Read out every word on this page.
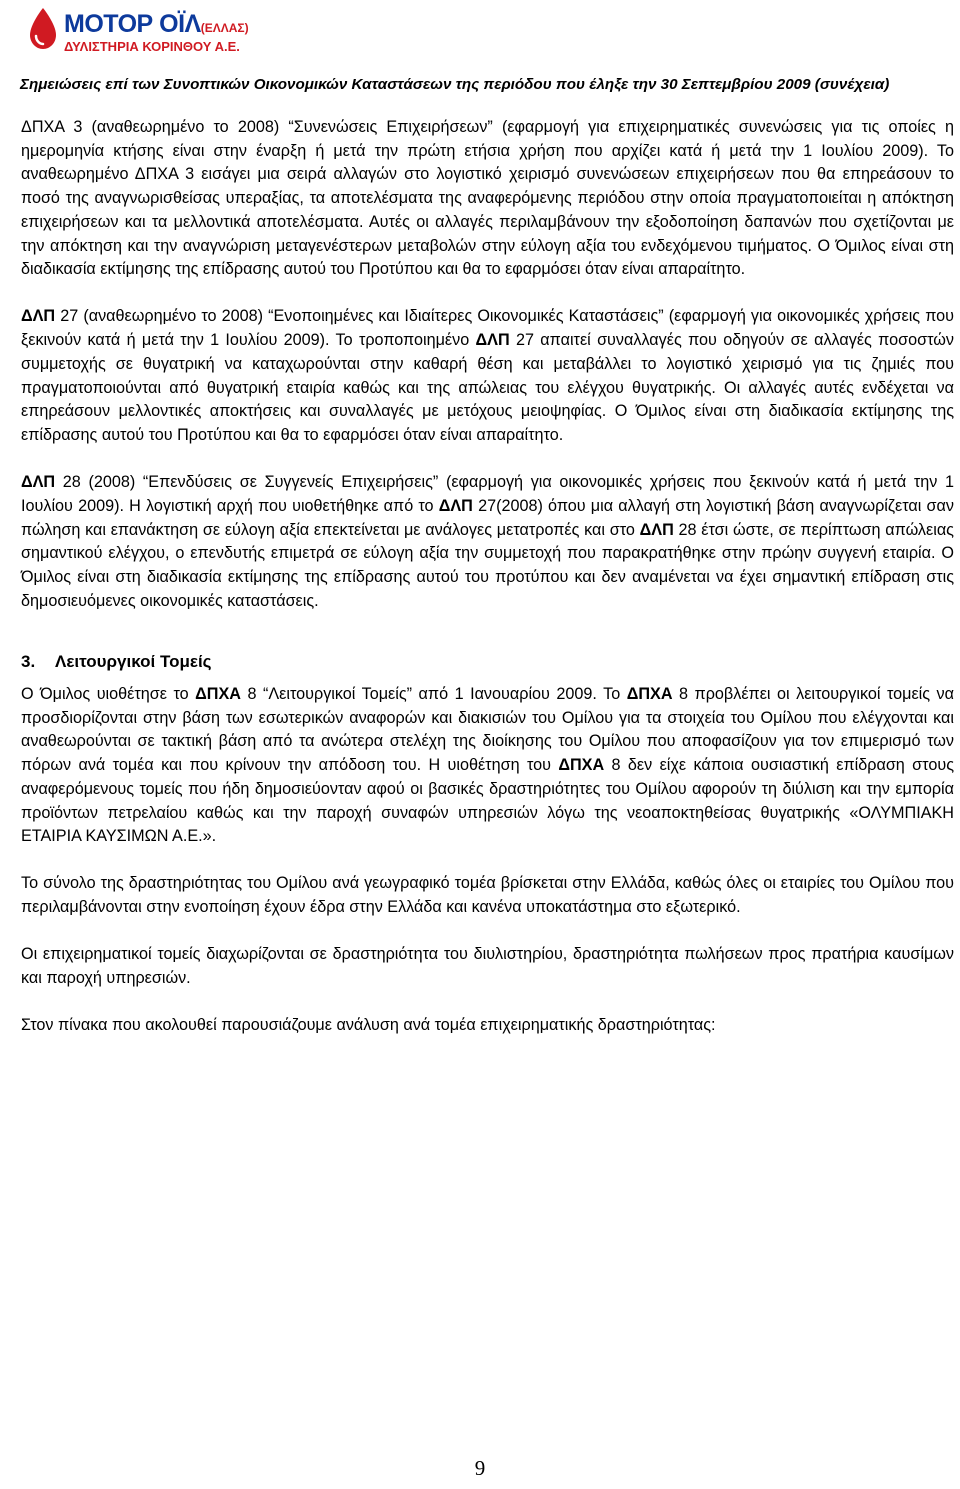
ΜΟΤΟΡ ΟΪΛ(ΕΛΛΑΣ)
ΔΥΛΙΣΤΗΡΙΑ ΚΟΡΙΝΘΟΥ Α.Ε.
Σημειώσεις επί των Συνοπτικών Οικονομικών Καταστάσεων της περιόδου που έληξε την 30 Σεπτεμβρίου 2009 (συνέχεια)

ΔΠΧΑ 3 (αναθεωρημένο το 2008) “Συνενώσεις Επιχειρήσεων” (εφαρμογή για επιχειρηματικές συνενώσεις για τις οποίες η ημερομηνία κτήσης είναι στην έναρξη ή μετά την πρώτη ετήσια χρήση που αρχίζει κατά ή μετά την 1 Ιουλίου 2009). Το αναθεωρημένο ΔΠΧΑ 3 εισάγει μια σειρά αλλαγών στο λογιστικό χειρισμό συνενώσεων επιχειρήσεων που θα επηρεάσουν το ποσό της αναγνωρισθείσας υπεραξίας, τα αποτελέσματα της αναφερόμενης περιόδου στην οποία πραγματοποιείται η απόκτηση επιχειρήσεων και τα μελλοντικά αποτελέσματα. Αυτές οι αλλαγές περιλαμβάνουν την εξοδοποίηση δαπανών που σχετίζονται με την απόκτηση και την αναγνώριση μεταγενέστερων μεταβολών στην εύλογη αξία του ενδεχόμενου τιμήματος. Ο Όμιλος είναι στη διαδικασία εκτίμησης της επίδρασης αυτού του Προτύπου και θα το εφαρμόσει όταν είναι απαραίτητο.

ΔΛΠ 27 (αναθεωρημένο το 2008) “Ενοποιημένες και Ιδιαίτερες Οικονομικές Καταστάσεις” (εφαρμογή για οικονομικές χρήσεις που ξεκινούν κατά ή μετά την 1 Ιουλίου 2009). Το τροποποιημένο ΔΛΠ 27 απαιτεί συναλλαγές που οδηγούν σε αλλαγές ποσοστών συμμετοχής σε θυγατρική να καταχωρούνται στην καθαρή θέση και μεταβάλλει το λογιστικό χειρισμό για τις ζημιές που πραγματοποιούνται από θυγατρική εταιρία καθώς και της απώλειας του ελέγχου θυγατρικής. Οι αλλαγές αυτές ενδέχεται να επηρεάσουν μελλοντικές αποκτήσεις και συναλλαγές με μετόχους μειοψηφίας. Ο Όμιλος είναι στη διαδικασία εκτίμησης της επίδρασης αυτού του Προτύπου και θα το εφαρμόσει όταν είναι απαραίτητο.

ΔΛΠ 28 (2008) “Επενδύσεις σε Συγγενείς Επιχειρήσεις” (εφαρμογή για οικονομικές χρήσεις που ξεκινούν κατά ή μετά την 1 Ιουλίου 2009). Η λογιστική αρχή που υιοθετήθηκε από το ΔΛΠ 27(2008) όπου μια αλλαγή στη λογιστική βάση αναγνωρίζεται σαν πώληση και επανάκτηση σε εύλογη αξία επεκτείνεται με ανάλογες μετατροπές και στο ΔΛΠ 28 έτσι ώστε, σε περίπτωση απώλειας σημαντικού ελέγχου, ο επενδυτής επιμετρά σε εύλογη αξία την συμμετοχή που παρακρατήθηκε στην πρώην συγγενή εταιρία. Ο Όμιλος είναι στη διαδικασία εκτίμησης της επίδρασης αυτού του προτύπου και δεν αναμένεται να έχει σημαντική επίδραση στις δημοσιευόμενες οικονομικές καταστάσεις.

3. Λειτουργικοί Τομείς

Ο Όμιλος υιοθέτησε το ΔΠΧΑ 8 “Λειτουργικοί Τομείς” από 1 Ιανουαρίου 2009. Το ΔΠΧΑ 8 προβλέπει οι λειτουργικοί τομείς να προσδιορίζονται στην βάση των εσωτερικών αναφορών και διακισιών του Ομίλου για τα στοιχεία του Ομίλου που ελέγχονται και αναθεωρούνται σε τακτική βάση από τα ανώτερα στελέχη της διοίκησης του Ομίλου που αποφασίζουν για τον επιμερισμό των πόρων ανά τομέα και που κρίνουν την απόδοση του. Η υιοθέτηση του ΔΠΧΑ 8 δεν είχε κάποια ουσιαστική επίδραση στους αναφερόμενους τομείς που ήδη δημοσιεύονταν αφού οι βασικές δραστηριότητες του Ομίλου αφορούν τη διύλιση και την εμπορία προϊόντων πετρελαίου καθώς και την παροχή συναφών υπηρεσιών λόγω της νεοαποκτηθείσας θυγατρικής «ΟΛΥΜΠΙΑΚΗ ΕΤΑΙΡΙΑ ΚΑΥΣΙΜΩΝ Α.Ε.».

Το σύνολο της δραστηριότητας του Ομίλου ανά γεωγραφικό τομέα βρίσκεται στην Ελλάδα, καθώς όλες οι εταιρίες του Ομίλου που περιλαμβάνονται στην ενοποίηση έχουν έδρα στην Ελλάδα και κανένα υποκατάστημα στο εξωτερικό.

Οι επιχειρηματικοί τομείς διαχωρίζονται σε δραστηριότητα του διυλιστηρίου, δραστηριότητα πωλήσεων προς πρατήρια καυσίμων και παροχή υπηρεσιών.

Στον πίνακα που ακολουθεί παρουσιάζουμε ανάλυση ανά τομέα επιχειρηματικής δραστηριότητας:

9
